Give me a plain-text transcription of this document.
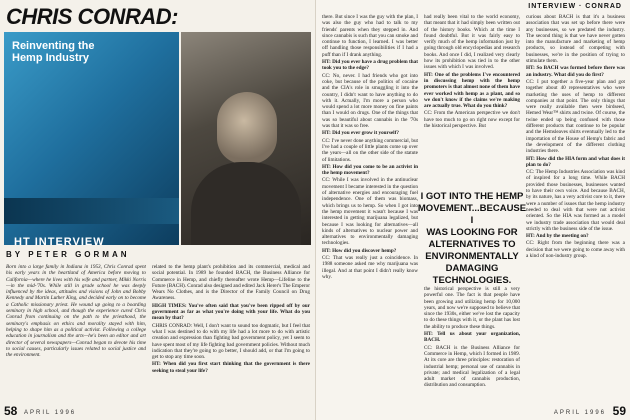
CHRIS CONRAD:
Reinventing the
Hemp Industry
HT INTERVIEW
BY PETER GORMAN

Born into a large family in Indiana in 1953, Chris Conrad spent his early years in the heartland of America before moving to California—where he lives with his wife and partner, Mikki Norris—in the mid-'70s. While still in grade school he was deeply influenced by the ideas, attitudes and visions of John and Bobby Kennedy and Martin Luther King, and decided early on to become a Catholic missionary priest. He wound up going to a boarding seminary in high school, and though the experience cured Chris Conrad from continuing on the path to the priesthood, the seminary's emphasis on ethics and morality stayed with him, helping to shape him as a political activist. Following a college education in journalism and the arts—he's been an editor and art director of several newspapers—Conrad began to devote his time to social causes, particularly issues related to social justice and the environment.

related to the hemp plant's prohibition and its commercial, medical and social potential. In 1989 he founded BACH, the Business Alliance for Commerce in Hemp, and chiefly thereafter wrote Hemp—Lifeline to the Future (BACH). Conrad also designed and edited Jack Herer's The Emperor Wears No Clothes, and is the Director of the Family Council on Drug Awareness.

HIGH TIMES: You've often said that you've been ripped off by our government as far as what you're doing with your life. What do you mean by that?

CHRIS CONRAD: Well, I don't want to sound too dogmatic, but I feel that what I was destined to do with my life had a lot more to do with artistic creation and expression than fighting bad government policy, yet I seem to have spent most of my life fighting bad government policies. Without much indication that they're going to go better, I should add, or that I'm going to get to stop any time soon.

HT: When did you first start thinking that the government is there seeking to steal your life?

58 APRIL 1996
INTERVIEW · CONRAD

there. But since I was the guy with the plan, I was also the guy who had to talk to my friends' parents when they stepped in. And since cannabis is such that you can smoke and continue to function, I learned. I was better off handling those responsibilities if I had a puff than if I drank anything.

HT: Did you ever have a drug problem that took you to the edge?

CC: No, never. I had friends who got into coke, but because of the politics of cocaine and the CIA's role in smuggling it into the country, I didn't want to have anything to do with it. Actually, I'm more a person who would spend a lot more money on fine paints than I would on drugs. One of the things that was so beautiful about cannabis in the '70s was that it was so free.

HT: Did you ever grow it yourself?

CC: I've never done anything commercial, but I've had a couple of little plants come up over the years—all on the other side of the statute of limitations.

HT: How did you come to be an activist in the hemp movement?

CC: While I was involved in the antinuclear movement I became interested in the question of alternative energies and encouraging fuel independence. One of them was biomass, which brings us to hemp. So when I got into the hemp movement it wasn't because I was interested in getting marijuana legalized, but because I was looking for alternatives—all kinds of alternatives to nuclear power and alternatives to environmentally damaging technologies.

HT: How did you discover hemp?

CC: That was really just a coincidence. In 1988 someone asked me why marijuana was illegal. And at that point I didn't really know why.

had really been vital to the world economy, that meant that it had simply been written out of the history books. Which at the time I found doubtful. But it was fairly easy to verify much of the hemp information just by going through old encyclopedias and research books. And once I did, I realized very clearly how its prohibition was tied in to the other issues with which I was involved.

HT: One of the problems I've encountered in discussing hemp with the hemp promoters is that almost none of them have ever worked with hemp as a plant, and so we don't know if the claims we're making are actually true. What do you think?

CC: From the American perspective we don't have too much to go on right now except for the historical perspective. But

I GOT INTO THE HEMP
MOVEMENT...BECAUSE I
WAS LOOKING FOR
ALTERNATIVES TO
ENVIRONMENTALLY
DAMAGING TECHNOLOGIES.

the historical perspective is still a very powerful one. The fact is that people have been growing and utilizing hemp for 10,000 years, and now we're supposed to believe that since the 1930s, either we've lost the capacity to do these things with it, or the plant has lost the ability to produce these things.

HT: Tell us about your organization, BACH.

CC: BACH is the Business Alliance for Commerce in Hemp, which I formed in 1989. At its core are three principles: restoration of industrial hemp; personal use of cannabis in private; and medical legalization of a legal adult market of cannabis production, distribution and consumption.

curious about BACH is that it's a business association that was set up before there were any businesses, so we predated the industry. The second thing is that we have never gotten into the manufacture and marketing of hemp products, so instead of competing with businesses, we're in the position of trying to stimulate them.

HT: So BACH was formed before there was an industry. What did you do first?

CC: I put together a five-year plan and got together about 40 representatives who were marketing the uses of hemp to different companies at that point. The only things that were really available then were birdseed, Hemed Wear™ shirts and twine. Of course, the twine ended up being confused with those different products that continue to be popular and the Hemsleaves shirts eventually led to the importation of the House of Hemp's fabric and the development of the different clothing industries there.

HT: How did the HIA form and what does it plan to do?

CC: The Hemp Industries Association was kind of inspired for a long time. While BACH provided those businesses, businesses wanted to have their own voice. And because BACH, by its nature, has a very activist core to it, there were a number of issues that the hemp industry needed to deal with that were not activist oriented. So the HIA was formed as a model we industry trade association that would deal strictly with the business side of the issue.

HT: And by the meeting on?

CC: Right from the beginning there was a decision that we were going to come away with a kind of non-industry group.

59
APRIL 1996
